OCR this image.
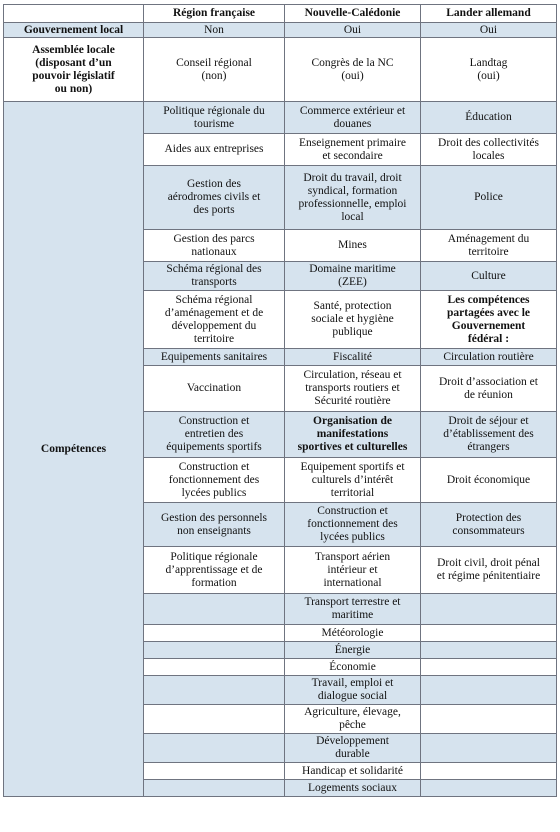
	Région française	Nouvelle-Calédonie	Lander allemand
Gouvernement local	Non	Oui	Oui
Assemblée locale
(disposant d’un
pouvoir législatif
ou non)	Conseil régional
(non)	Congrès de la NC
(oui)	Landtag
(oui)
Compétences	Politique régionale du
tourisme	Commerce extérieur et
douanes	Éducation
	Aides aux entreprises	Enseignement primaire
et secondaire	Droit des collectivités
locales
	Gestion des
aérodromes civils et
des ports	Droit du travail, droit
syndical, formation
professionnelle, emploi
local	Police
	Gestion des parcs
nationaux	Mines	Aménagement du
territoire
	Schéma régional des
transports	Domaine maritime
(ZEE)	Culture
	Schéma régional
d’aménagement et de
développement du
territoire	Santé, protection
sociale et hygiène
publique	Les compétences
partagées avec le
Gouvernement
fédéral :
	Equipements sanitaires	Fiscalité	Circulation routière
	Vaccination	Circulation, réseau et
transports routiers et
Sécurité routière	Droit d’association et
de réunion
	Construction et
entretien des
équipements sportifs	Organisation de
manifestations
sportives et culturelles	Droit de séjour et
d’établissement des
étrangers
	Construction et
fonctionnement des
lycées publics	Equipement sportifs et
culturels d’intérêt
territorial	Droit économique
	Gestion des personnels
non enseignants	Construction et
fonctionnement des
lycées publics	Protection des
consommateurs
	Politique régionale
d’apprentissage et de
formation	Transport aérien
intérieur et
international	Droit civil, droit pénal
et régime pénitentiaire
		Transport terrestre et
maritime	
		Météorologie	
		Énergie	
		Économie	
		Travail, emploi et
dialogue social	
		Agriculture, élevage,
pêche	
		Développement
durable	
		Handicap et solidarité	
		Logements sociaux	
